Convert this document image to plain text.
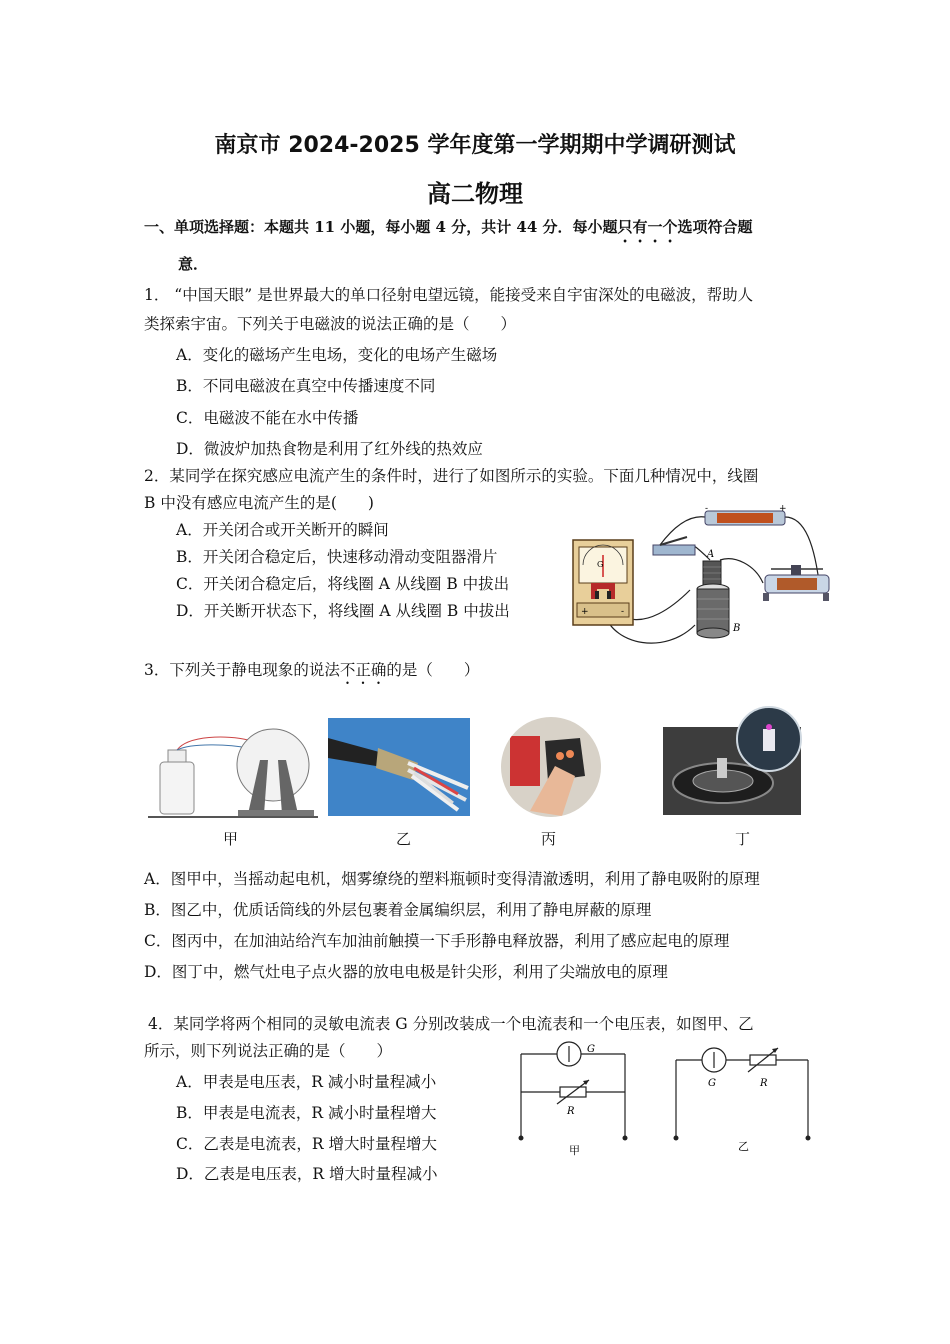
南京市 2024-2025 学年度第一学期期中学调研测试
高二物理
一、单项选择题：本题共 11 小题，每小题 4 分，共计 44 分．每小题只有一个选项符合题
意．
1． “中国天眼” 是世界最大的单口径射电望远镜，能接受来自宇宙深处的电磁波，帮助人
类探索宇宙。下列关于电磁波的说法正确的是（　　）
A．变化的磁场产生电场，变化的电场产生磁场
B．不同电磁波在真空中传播速度不同
C．电磁波不能在水中传播
D．微波炉加热食物是利用了红外线的热效应
2．某同学在探究感应电流产生的条件时，进行了如图所示的实验。下面几种情况中，线圈
B 中没有感应电流产生的是(　　)
A．开关闭合或开关断开的瞬间
B．开关闭合稳定后，快速移动滑动变阻器滑片
C．开关闭合稳定后，将线圈 A 从线圈 B 中拔出
D．开关断开状态下，将线圈 A 从线圈 B 中拔出
G
+	-
-	+
A
B
3．下列关于静电现象的说法不正确的是（　　）
甲	乙	丙	丁
A．图甲中，当摇动起电机，烟雾缭绕的塑料瓶顿时变得清澈透明，利用了静电吸附的原理
B．图乙中，优质话筒线的外层包裹着金属编织层，利用了静电屏蔽的原理
C．图丙中，在加油站给汽车加油前触摸一下手形静电释放器，利用了感应起电的原理
D．图丁中，燃气灶电子点火器的放电电极是针尖形，利用了尖端放电的原理
4．某同学将两个相同的灵敏电流表 G 分别改装成一个电流表和一个电压表，如图甲、乙
所示，则下列说法正确的是（　　）
A．甲表是电压表，R 减小时量程减小
B．甲表是电流表，R 减小时量程增大
C．乙表是电流表，R 增大时量程增大
D．乙表是电压表，R 增大时量程减小
G
R
甲
G	R
乙
